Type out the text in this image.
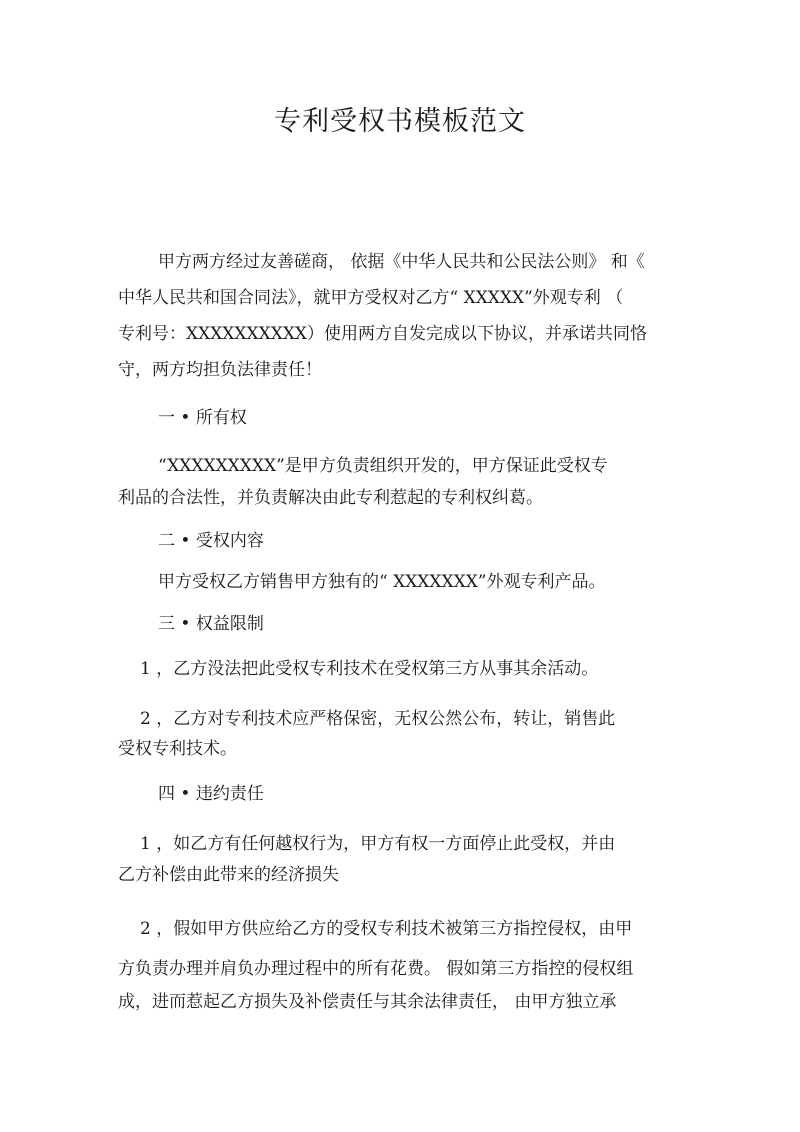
专利受权书模板范文
甲方两方经过友善磋商， 依据《中华人民共和公民法公则》 和《
中华人民共和国合同法》，就甲方受权对乙方“ XXXXX”外观专利 （
专利号：XXXXXXXXXX）使用两方自发完成以下协议，并承诺共同恪
守，两方均担负法律责任！
一 • 所有权
“XXXXXXXXX”是甲方负责组织开发的，甲方保证此受权专
利品的合法性，并负责解决由此专利惹起的专利权纠葛。
二 • 受权内容
甲方受权乙方销售甲方独有的“ XXXXXXX”外观专利产品。
三 • 权益限制
1 ，乙方没法把此受权专利技术在受权第三方从事其余活动。
2 ，乙方对专利技术应严格保密，无权公然公布，转让，销售此
受权专利技术。
四 • 违约责任
1 ，如乙方有任何越权行为，甲方有权一方面停止此受权，并由
乙方补偿由此带来的经济损失
2 ，假如甲方供应给乙方的受权专利技术被第三方指控侵权，由甲
方负责办理并肩负办理过程中的所有花费。 假如第三方指控的侵权组
成，进而惹起乙方损失及补偿责任与其余法律责任， 由甲方独立承
